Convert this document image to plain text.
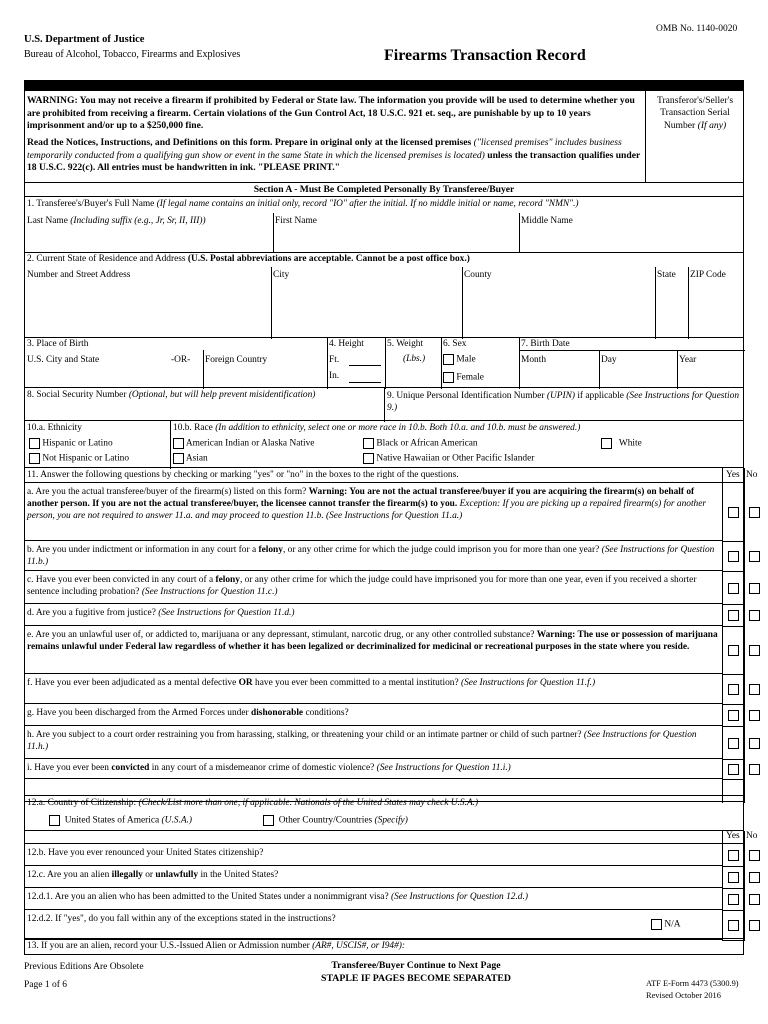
OMB No. 1140-0020
U.S. Department of Justice
Bureau of Alcohol, Tobacco, Firearms and Explosives	Firearms Transaction Record
WARNING: You may not receive a firearm if prohibited by Federal or State law. The information you provide will be used to determine whether you are prohibited from receiving a firearm. Certain violations of the Gun Control Act, 18 U.S.C. 921 et. seq., are punishable by up to 10 years imprisonment and/or up to a $250,000 fine.
Read the Notices, Instructions, and Definitions on this form. Prepare in original only at the licensed premises ("licensed premises" includes business temporarily conducted from a qualifying gun show or event in the same State in which the licensed premises is located) unless the transaction qualifies under 18 U.S.C. 922(c). All entries must be handwritten in ink. "PLEASE PRINT."
Transferor's/Seller's
Transaction Serial
Number (If any)
Section A - Must Be Completed Personally By Transferee/Buyer
1. Transferee's/Buyer's Full Name (If legal name contains an initial only, record "IO" after the initial. If no middle initial or name, record "NMN".)
Last Name (Including suffix (e.g., Jr, Sr, II, III))	First Name	Middle Name
2. Current State of Residence and Address (U.S. Postal abbreviations are acceptable. Cannot be a post office box.)
Number and Street Address	City	County	State ZIP Code
3. Place of Birth
U.S. City and State	-OR- Foreign Country
4. Height
Ft.
In.
5. Weight
(Lbs.)
6. Sex
Male
Female
7. Birth Date
Month	Day	Year
8. Social Security Number (Optional, but will help prevent misidentification)	9. Unique Personal Identification Number (UPIN) if applicable (See Instructions for Question 9.)
10.a. Ethnicity
Hispanic or Latino
Not Hispanic or Latino
10.b. Race (In addition to ethnicity, select one or more race in 10.b. Both 10.a. and 10.b. must be answered.)
American Indian or Alaska Native	Black or African American	White
Asian	Native Hawaiian or Other Pacific Islander
11. Answer the following questions by checking or marking "yes" or "no" in the boxes to the right of the questions.	Yes No
a. Are you the actual transferee/buyer of the firearm(s) listed on this form? Warning: You are not the actual transferee/buyer if you are acquiring the firearm(s) on behalf of another person. If you are not the actual transferee/buyer, the licensee cannot transfer the firearm(s) to you. Exception: If you are picking up a repaired firearm(s) for another person, you are not required to answer 11.a. and may proceed to question 11.b. (See Instructions for Question 11.a.)
b. Are you under indictment or information in any court for a felony, or any other crime for which the judge could imprison you for more than one year? (See Instructions for Question 11.b.)
c. Have you ever been convicted in any court of a felony, or any other crime for which the judge could have imprisoned you for more than one year, even if you received a shorter sentence including probation? (See Instructions for Question 11.c.)
d. Are you a fugitive from justice? (See Instructions for Question 11.d.)
e. Are you an unlawful user of, or addicted to, marijuana or any depressant, stimulant, narcotic drug, or any other controlled substance? Warning: The use or possession of marijuana remains unlawful under Federal law regardless of whether it has been legalized or decriminalized for medicinal or recreational purposes in the state where you reside.
f. Have you ever been adjudicated as a mental defective OR have you ever been committed to a mental institution? (See Instructions for Question 11.f.)
g. Have you been discharged from the Armed Forces under dishonorable conditions?
h. Are you subject to a court order restraining you from harassing, stalking, or threatening your child or an intimate partner or child of such partner? (See Instructions for Question 11.h.)
i. Have you ever been convicted in any court of a misdemeanor crime of domestic violence? (See Instructions for Question 11.i.)
12.a. Country of Citizenship: (Check/List more than one, if applicable. Nationals of the United States may check U.S.A.)
United States of America (U.S.A.)	Other Country/Countries (Specify)
Yes No
12.b. Have you ever renounced your United States citizenship?
12.c. Are you an alien illegally or unlawfully in the United States?
12.d.1. Are you an alien who has been admitted to the United States under a nonimmigrant visa? (See Instructions for Question 12.d.)
12.d.2. If "yes", do you fall within any of the exceptions stated in the instructions?
N/A
13. If you are an alien, record your U.S.-Issued Alien or Admission number (AR#, USCIS#, or I94#):
Previous Editions Are Obsolete
Page 1 of 6
Transferee/Buyer Continue to Next Page
STAPLE IF PAGES BECOME SEPARATED	ATF E-Form 4473 (5300.9)
Revised October 2016
